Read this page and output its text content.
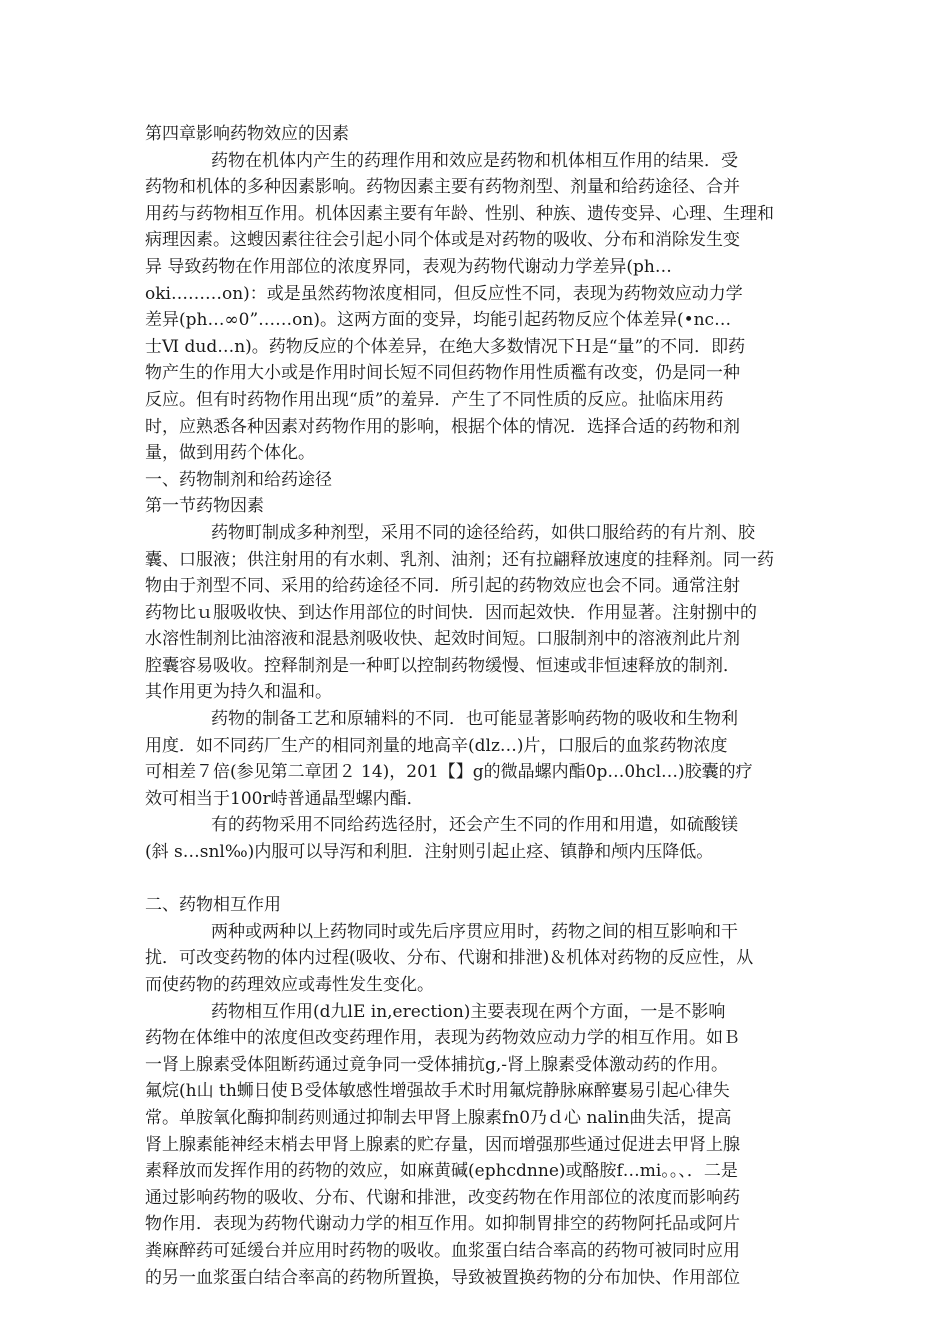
第四章影响药物效应的因素
药物在机体内产生的药理作用和效应是药物和机体相互作用的结果．受
药物和机体的多种因素影响。药物因素主要有药物剂型、剂量和给药途径、合并
用药与药物相互作用。机体因素主要有年龄、性别、种族、遗传变异、心理、生理和
病理因素。这螋因素往往会引起小同个体或是对药物的吸收、分布和消除发生变
异 导致药物在作用部位的浓度界同，表观为药物代谢动力学差异(ph…
oki………on)：或是虽然药物浓度相同，但反应性不同，表现为药物效应动力学
差异(ph…∞0”……on)。这两方面的变异，均能引起药物反应个体差异(•nc…
士Ⅵ dud…n)。药物反应的个体差异，在绝大多数情况下Ｈ是“量”的不同．即药
物产生的作用大小或是作用时间长短不同但药物作用性质襤有改变，仍是同一种
反应。但有时药物作用出现“质”的羞异．产生了不同性质的反应。扯临床用药
时，应熟悉各种因素对药物作用的影响，根据个体的情况．选择合适的药物和剂
量，做到用药个体化。
一、药物制剂和给药途径
第一节药物因素
药物町制成多种剂型，采用不同的途径给药，如供口服给药的有片剂、胶
囊、口服液；供注射用的有水刺、乳剂、油剂；还有拉翩释放速度的挂释剂。同一药
物由于剂型不同、采用的给药途径不同．所引起的药物效应也会不同。通常注射
药物比ｕ服吸收快、到达作用部位的时间快．因而起效快．作用显著。注射捌中的
水溶性制剂比油溶液和混悬剂吸收快、起效时间短。口服制剂中的溶液剂此片剂
腔囊容易吸收。控释制剂是一种町以控制药物缓慢、恒速或非恒速释放的制剂．
其作用更为持久和温和。
药物的制备工艺和原辅料的不同．也可能显著影响药物的吸收和生物利
用度．如不同药厂生产的相同剂量的地高辛(dlz…)片，口服后的血浆药物浓度
可相差７倍(参见第二章团２ 14)，201【】g的微晶螺内酯0p…0hcl…)胶囊的疗
效可相当于100r峙普通晶型螺内酯．
有的药物采用不同给药选径肘，还会产生不同的作用和用遣，如硫酸镁
(斜 s…snl‰)内服可以导泻和利胆．注射则引起止痉、镇静和颅内压降低。
二、药物相互作用
两种或两种以上药物同时或先后序贯应用时，药物之间的相互影响和干
扰．可改变药物的体内过程(吸收、分布、代谢和排泄)＆机体对药物的反应性，从
而使药物的药理效应或毒性发生变化。
药物相互作用(d九lE in,erection)主要表现在两个方面，一是不影响
药物在体维中的浓度但改变药理作用，表现为药物效应动力学的相互作用。如Ｂ
一肾上腺素受体阻断药通过竟争同一受体捕抗g,-肾上腺素受体激动药的作用。
氟烷(h山 th蛳日使Ｂ受体敏感性增强故手术时用氟烷静脉麻醉寠易引起心律失
常。单胺氧化酶抑制药则通过抑制去甲肾上腺素fn0乃ｄ心 nalin曲失活，提高
肾上腺素能神经末梢去甲肾上腺素的贮存量，因而增强那些通过促进去甲肾上腺
素释放而发挥作用的药物的效应，如麻黄碱(ephcdnne)或酪胺f…mi。。、．二是
通过影响药物的吸收、分布、代谢和排泄，改变药物在作用部位的浓度而影响药
物作用．表现为药物代谢动力学的相互作用。如抑制胃排空的药物阿托品或阿片
粪麻醉药可延缓台并应用时药物的吸收。血浆蛋白结合率高的药物可被同时应用
的另一血浆蛋白结合率高的药物所置换，导致被置换药物的分布加快、作用部位
